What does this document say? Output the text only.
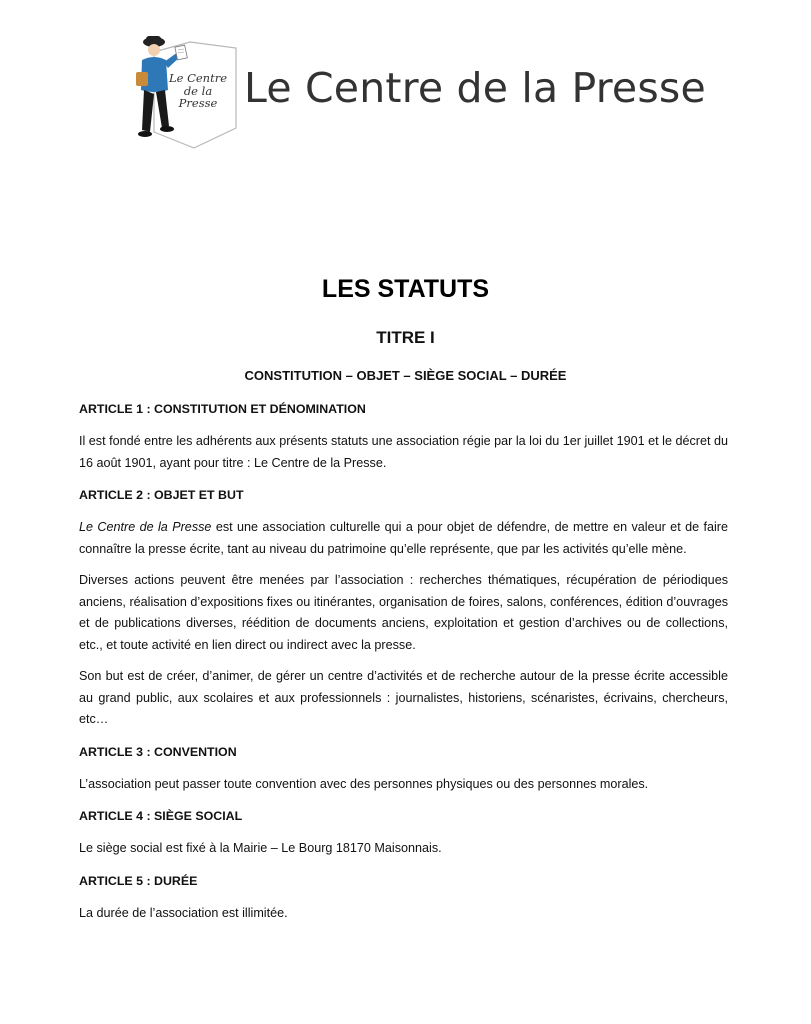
Le Centre de la Presse Le Centre de la Presse
LES STATUTS
TITRE I
CONSTITUTION – OBJET – SIÈGE SOCIAL – DURÉE
ARTICLE 1 : CONSTITUTION ET DÉNOMINATION

Il est fondé entre les adhérents aux présents statuts une association régie par la loi du 1er juillet 1901 et le décret du 16 août 1901, ayant pour titre : Le Centre de la Presse.

ARTICLE 2 : OBJET ET BUT

Le Centre de la Presse est une association culturelle qui a pour objet de défendre, de mettre en valeur et de faire connaître la presse écrite, tant au niveau du patrimoine qu’elle représente, que par les activités qu’elle mène.

Diverses actions peuvent être menées par l’association : recherches thématiques, récupération de périodiques anciens, réalisation d’expositions fixes ou itinérantes, organisation de foires, salons, conférences, édition d’ouvrages et de publications diverses, réédition de documents anciens, exploitation et gestion d’archives ou de collections, etc., et toute activité en lien direct ou indirect avec la presse.

Son but est de créer, d’animer, de gérer un centre d’activités et de recherche autour de la presse écrite accessible au grand public, aux scolaires et aux professionnels : journalistes, historiens, scénaristes, écrivains, chercheurs, etc…

ARTICLE 3 : CONVENTION

L’association peut passer toute convention avec des personnes physiques ou des personnes morales.

ARTICLE 4 : SIÈGE SOCIAL

Le siège social est fixé à la Mairie – Le Bourg 18170 Maisonnais.

ARTICLE 5 : DURÉE

La durée de l’association est illimitée.
